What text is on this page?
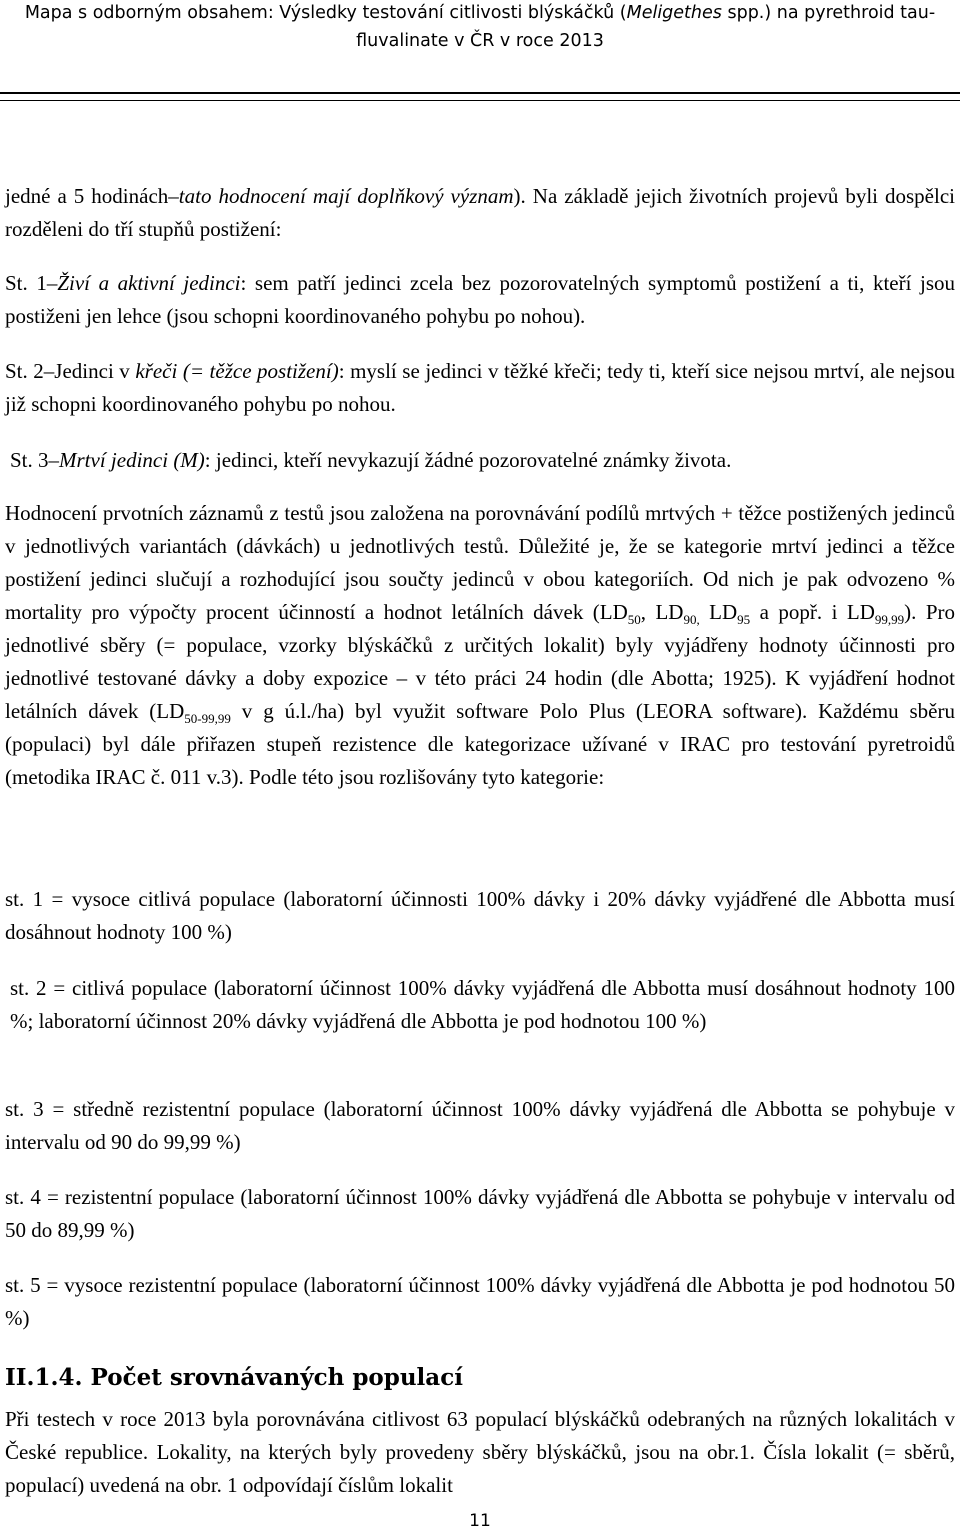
Mapa s odborným obsahem: Výsledky testování citlivosti blýskáčků (Meligethes spp.) na pyrethroid tau-
fluvalinate v ČR v roce 2013

jedné a 5 hodinách–tato hodnocení mají doplňkový význam). Na základě jejich životních projevů byli dospělci rozděleni do tří stupňů postižení:

St. 1–Živí a aktivní jedinci: sem patří jedinci zcela bez pozorovatelných symptomů postižení a ti, kteří jsou postiženi jen lehce (jsou schopni koordinovaného pohybu po nohou).

St. 2–Jedinci v křeči (= těžce postižení): myslí se jedinci v těžké křeči; tedy ti, kteří sice nejsou mrtví, ale nejsou již schopni koordinovaného pohybu po nohou.

St. 3–Mrtví jedinci (M): jedinci, kteří nevykazují žádné pozorovatelné známky života.

Hodnocení prvotních záznamů z testů jsou založena na porovnávání podílů mrtvých + těžce postižených jedinců v jednotlivých variantách (dávkách) u jednotlivých testů. Důležité je, že se kategorie mrtví jedinci a těžce postižení jedinci slučují a rozhodující jsou součty jedinců v obou kategoriích. Od nich je pak odvozeno % mortality pro výpočty procent účinností a hodnot letálních dávek ($LD_{50}$, $LD_{90,}$ $LD_{95}$ a popř. i $LD_{99,99}$). Pro jednotlivé sběry (= populace, vzorky blýskáčků z určitých lokalit) byly vyjádřeny hodnoty účinnosti pro jednotlivé testované dávky a doby expozice – v této práci 24 hodin (dle Abotta; 1925). K vyjádření hodnot letálních dávek ($LD_{50-99,99}$ v g ú.l./ha) byl využit software Polo Plus (LEORA software). Každému sběru (populaci) byl dále přiřazen stupeň rezistence dle kategorizace užívané v IRAC pro testování pyretroidů (metodika IRAC č. 011 v.3). Podle této jsou rozlišovány tyto kategorie:

st. 1 = vysoce citlivá populace (laboratorní účinnosti 100% dávky i 20% dávky vyjádřené dle Abbotta musí dosáhnout hodnoty 100 %)

st. 2 = citlivá populace (laboratorní účinnost 100% dávky vyjádřená dle Abbotta musí dosáhnout hodnoty 100 %; laboratorní účinnost 20% dávky vyjádřená dle Abbotta je pod hodnotou 100 %)

st. 3 = středně rezistentní populace (laboratorní účinnost 100% dávky vyjádřená dle Abbotta se pohybuje v intervalu od 90 do 99,99 %)

st. 4 = rezistentní populace (laboratorní účinnost 100% dávky vyjádřená dle Abbotta se pohybuje v intervalu od 50 do 89,99 %)

st. 5 = vysoce rezistentní populace (laboratorní účinnost 100% dávky vyjádřená dle Abbotta je pod hodnotou 50 %)

II.1.4. Počet srovnávaných populací

Při testech v roce 2013 byla porovnávána citlivost 63 populací blýskáčků odebraných na různých lokalitách v České republice. Lokality, na kterých byly provedeny sběry blýskáčků, jsou na obr.1. Čísla lokalit (= sběrů, populací) uvedená na obr. 1 odpovídají číslům lokalit

11
